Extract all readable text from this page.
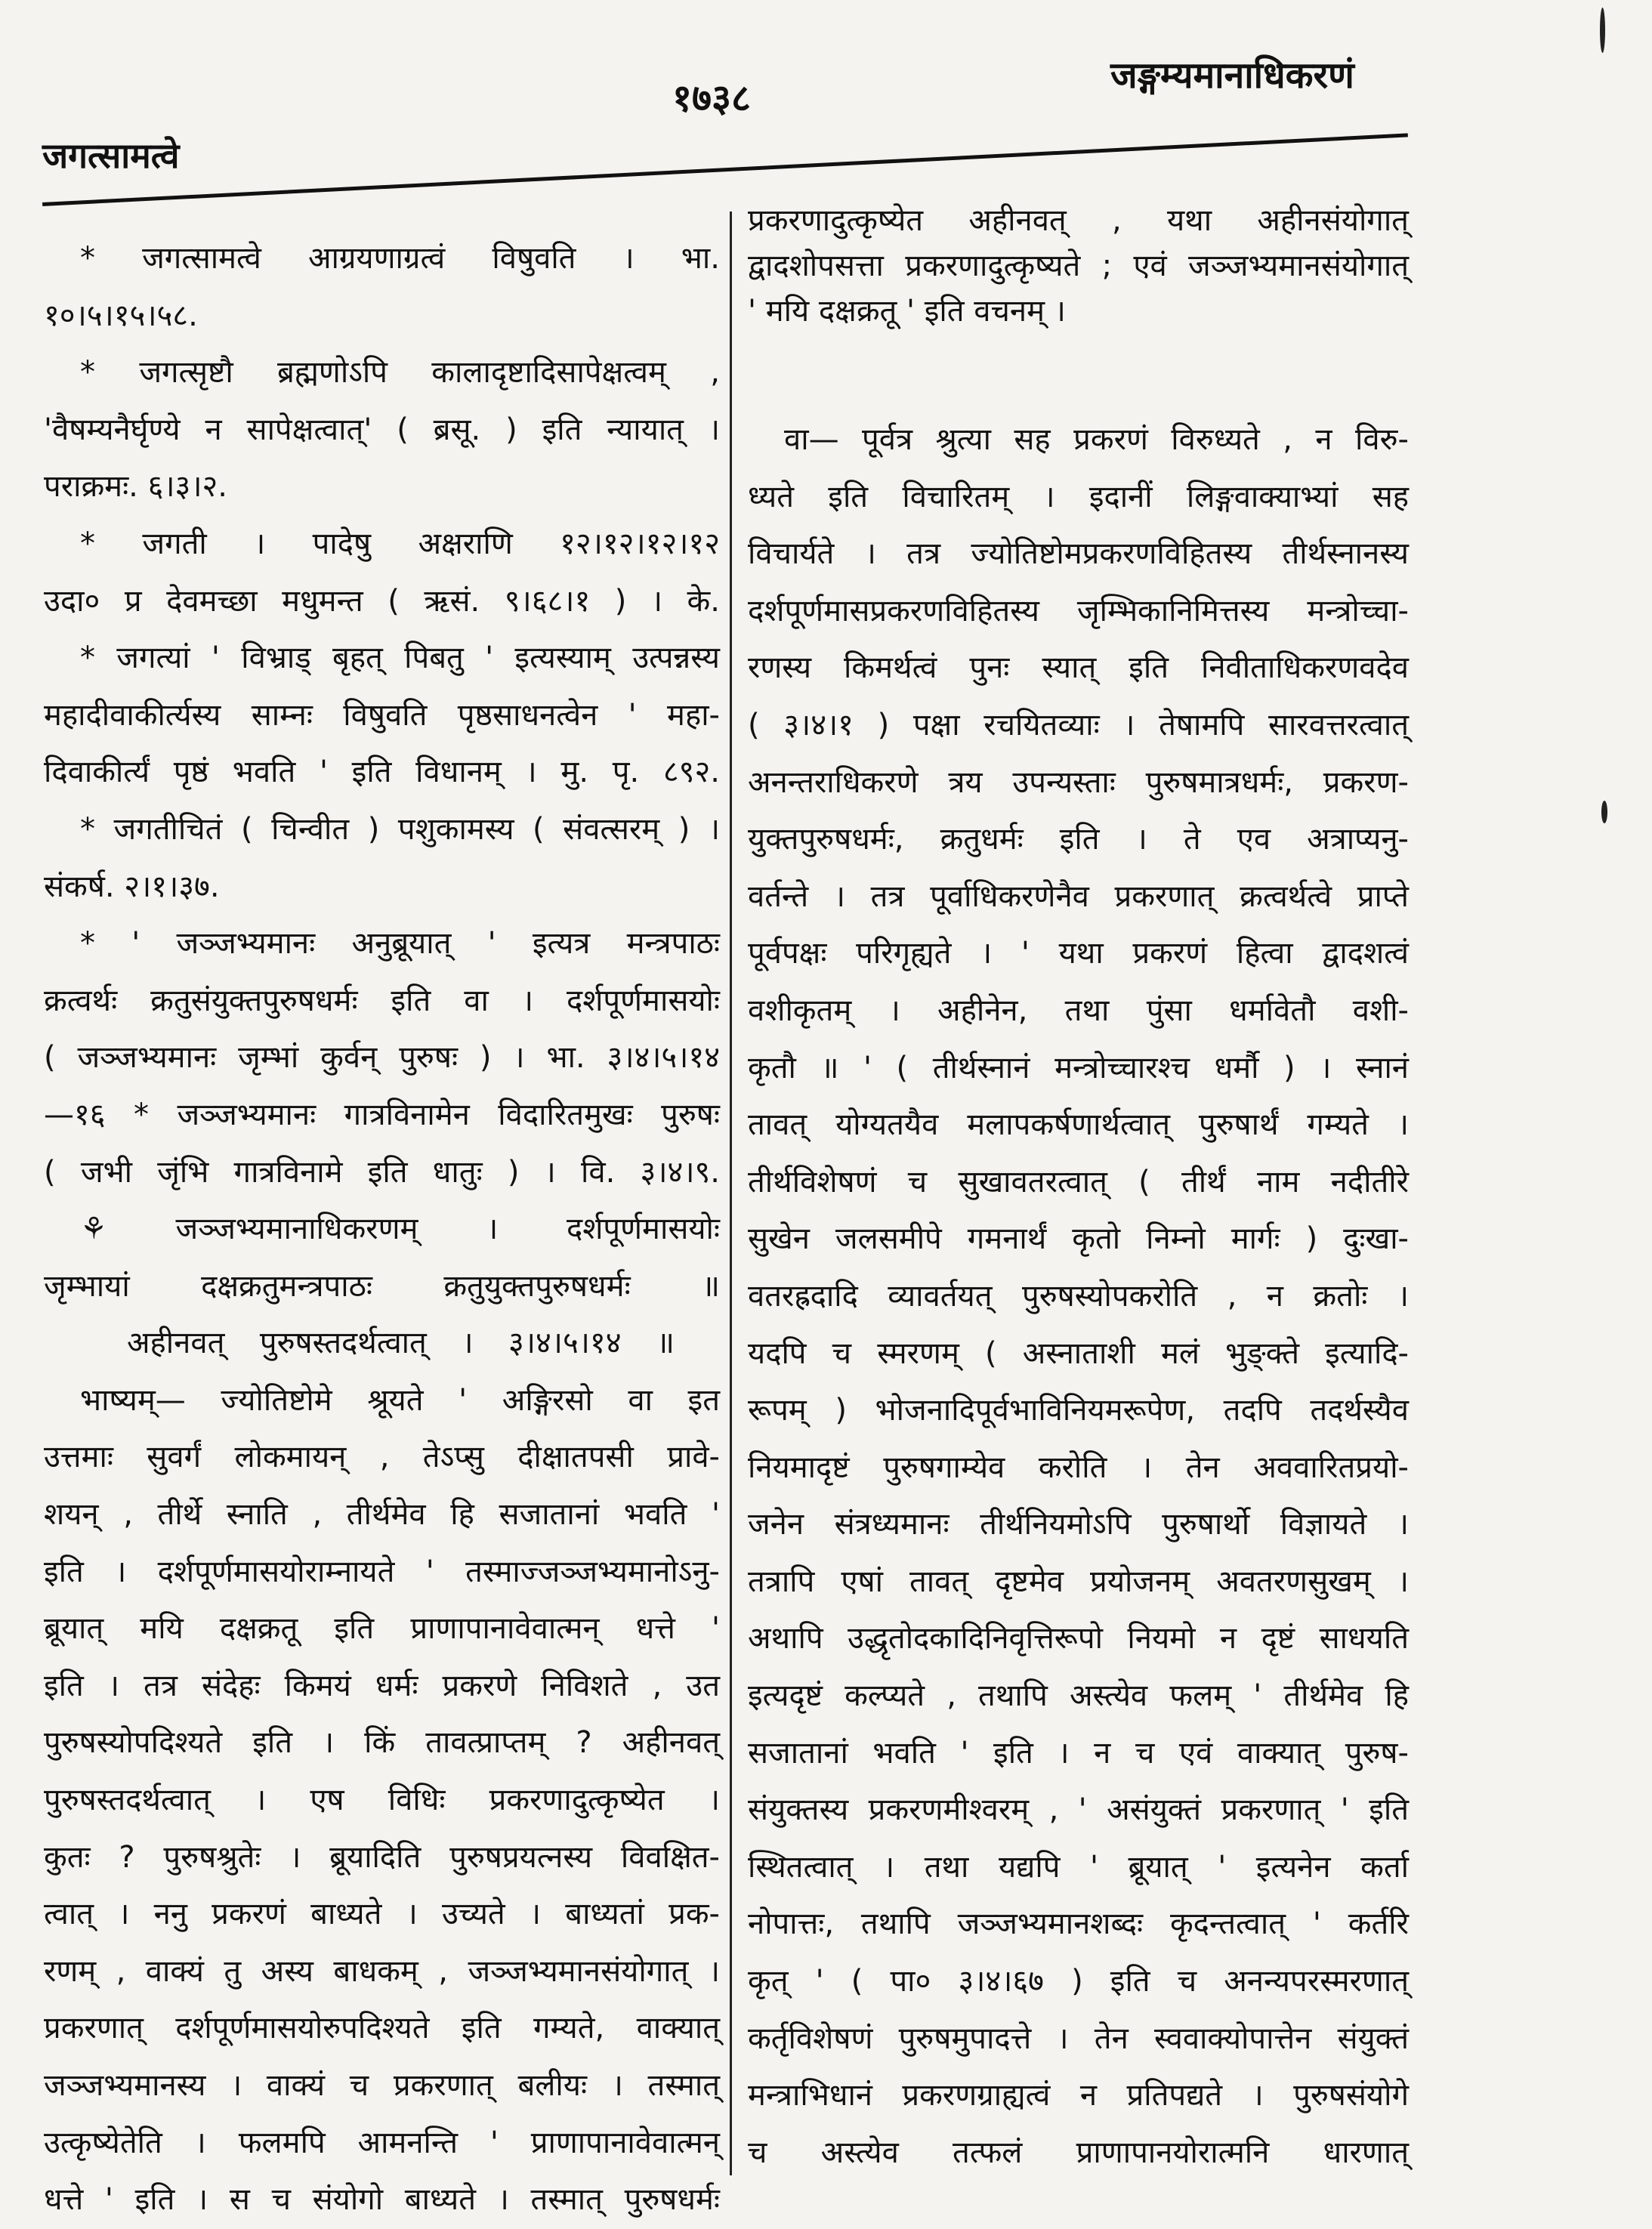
जगत्सामत्वे
१७३८
जङ्गम्यमानाधिकरणं
* जगत्सामत्वे आग्रयणाग्रत्वं विषुवति । भा.
१०।५।१५।५८.
* जगत्सृष्टौ ब्रह्मणोऽपि कालादृष्टादिसापेक्षत्वम् ,
'वैषम्यनैर्घृण्ये न सापेक्षत्वात्' ( ब्रसू. ) इति न्यायात् ।
पराक्रमः. ६।३।२.
* जगती । पादेषु अक्षराणि १२।१२।१२।१२
उदा० प्र देवमच्छा मधुमन्त ( ऋसं. ९।६८।१ ) । के.
* जगत्यां ' विभ्राड् बृहत् पिबतु ' इत्यस्याम् उत्पन्नस्य
महादीवाकीर्त्यस्य साम्नः विषुवति पृष्ठसाधनत्वेन ' महा-
दिवाकीर्त्यं पृष्ठं भवति ' इति विधानम् । मु. पृ. ८९२.
* जगतीचितं ( चिन्वीत ) पशुकामस्य ( संवत्सरम् ) ।
संकर्ष. २।१।३७.
* ' जञ्जभ्यमानः अनुब्रूयात् ' इत्यत्र मन्त्रपाठः
क्रत्वर्थः क्रतुसंयुक्तपुरुषधर्मः इति वा । दर्शपूर्णमासयोः
( जञ्जभ्यमानः जृम्भां कुर्वन् पुरुषः ) । भा. ३।४।५।१४
—१६ * जञ्जभ्यमानः गात्रविनामेन विदारितमुखः पुरुषः
( जभी जृंभि गात्रविनामे इति धातुः ) । वि. ३।४।९.
⚘ जञ्जभ्यमानाधिकरणम् । दर्शपूर्णमासयोः
जृम्भायां दक्षक्रतुमन्त्रपाठः क्रतुयुक्तपुरुषधर्मः ॥
अहीनवत् पुरुषस्तदर्थत्वात् । ३।४।५।१४ ॥
भाष्यम्— ज्योतिष्टोमे श्रूयते ' अङ्गिरसो वा इत
उत्तमाः सुवर्गं लोकमायन् , तेऽप्सु दीक्षातपसी प्रावे-
शयन् , तीर्थे स्नाति , तीर्थमेव हि सजातानां भवति '
इति । दर्शपूर्णमासयोराम्नायते ' तस्माज्जञ्जभ्यमानोऽनु-
ब्रूयात् मयि दक्षक्रतू इति प्राणापानावेवात्मन् धत्ते '
इति । तत्र संदेहः किमयं धर्मः प्रकरणे निविशते , उत
पुरुषस्योपदिश्यते इति । किं तावत्प्राप्तम् ? अहीनवत्
पुरुषस्तदर्थत्वात् । एष विधिः प्रकरणादुत्कृष्येत ।
कुतः ? पुरुषश्रुतेः । ब्रूयादिति पुरुषप्रयत्नस्य विवक्षित-
त्वात् । ननु प्रकरणं बाध्यते । उच्यते । बाध्यतां प्रक-
रणम् , वाक्यं तु अस्य बाधकम् , जञ्जभ्यमानसंयोगात् ।
प्रकरणात् दर्शपूर्णमासयोरुपदिश्यते इति गम्यते, वाक्यात्
जञ्जभ्यमानस्य । वाक्यं च प्रकरणात् बलीयः । तस्मात्
उत्कृष्येतेति । फलमपि आमनन्ति ' प्राणापानावेवात्मन्
धत्ते ' इति । स च संयोगो बाध्यते । तस्मात् पुरुषधर्मः
प्रकरणादुत्कृष्येत अहीनवत् , यथा अहीनसंयोगात्
द्वादशोपसत्ता प्रकरणादुत्कृष्यते ; एवं जञ्जभ्यमानसंयोगात्
' मयि दक्षक्रतू ' इति वचनम् ।
वा— पूर्वत्र श्रुत्या सह प्रकरणं विरुध्यते , न विरु-
ध्यते इति विचारितम् । इदानीं लिङ्गवाक्याभ्यां सह
विचार्यते । तत्र ज्योतिष्टोमप्रकरणविहितस्य तीर्थस्नानस्य
दर्शपूर्णमासप्रकरणविहितस्य जृम्भिकानिमित्तस्य मन्त्रोच्चा-
रणस्य किमर्थत्वं पुनः स्यात् इति निवीताधिकरणवदेव
( ३।४।१ ) पक्षा रचयितव्याः । तेषामपि सारवत्तरत्वात्
अनन्तराधिकरणे त्रय उपन्यस्ताः पुरुषमात्रधर्मः, प्रकरण-
युक्तपुरुषधर्मः, क्रतुधर्मः इति । ते एव अत्राप्यनु-
वर्तन्ते । तत्र पूर्वाधिकरणेनैव प्रकरणात् क्रत्वर्थत्वे प्राप्ते
पूर्वपक्षः परिगृह्यते । ' यथा प्रकरणं हित्वा द्वादशत्वं
वशीकृतम् । अहीनेन, तथा पुंसा धर्मावेतौ वशी-
कृतौ ॥ ' ( तीर्थस्नानं मन्त्रोच्चारश्च धर्मौ ) । स्नानं
तावत् योग्यतयैव मलापकर्षणार्थत्वात् पुरुषार्थं गम्यते ।
तीर्थविशेषणं च सुखावतरत्वात् ( तीर्थं नाम नदीतीरे
सुखेन जलसमीपे गमनार्थं कृतो निम्नो मार्गः ) दुःखा-
वतरह्रदादि व्यावर्तयत् पुरुषस्योपकरोति , न क्रतोः ।
यदपि च स्मरणम् ( अस्नाताशी मलं भुङ्क्ते इत्यादि-
रूपम् ) भोजनादिपूर्वभाविनियमरूपेण, तदपि तदर्थस्यैव
नियमादृष्टं पुरुषगाम्येव करोति । तेन अववारितप्रयो-
जनेन संत्रध्यमानः तीर्थनियमोऽपि पुरुषार्थो विज्ञायते ।
तत्रापि एषां तावत् दृष्टमेव प्रयोजनम् अवतरणसुखम् ।
अथापि उद्धृतोदकादिनिवृत्तिरूपो नियमो न दृष्टं साधयति
इत्यदृष्टं कल्प्यते , तथापि अस्त्येव फलम् ' तीर्थमेव हि
सजातानां भवति ' इति । न च एवं वाक्यात् पुरुष-
संयुक्तस्य प्रकरणमीश्वरम् , ' असंयुक्तं प्रकरणात् ' इति
स्थितत्वात् । तथा यद्यपि ' ब्रूयात् ' इत्यनेन कर्ता
नोपात्तः, तथापि जञ्जभ्यमानशब्दः कृदन्तत्वात् ' कर्तरि
कृत् ' ( पा० ३।४।६७ ) इति च अनन्यपरस्मरणात्
कर्तृविशेषणं पुरुषमुपादत्ते । तेन स्ववाक्योपात्तेन संयुक्तं
मन्त्राभिधानं प्रकरणग्राह्यत्वं न प्रतिपद्यते । पुरुषसंयोगे
च अस्त्येव तत्फलं प्राणापानयोरात्मनि धारणात्
